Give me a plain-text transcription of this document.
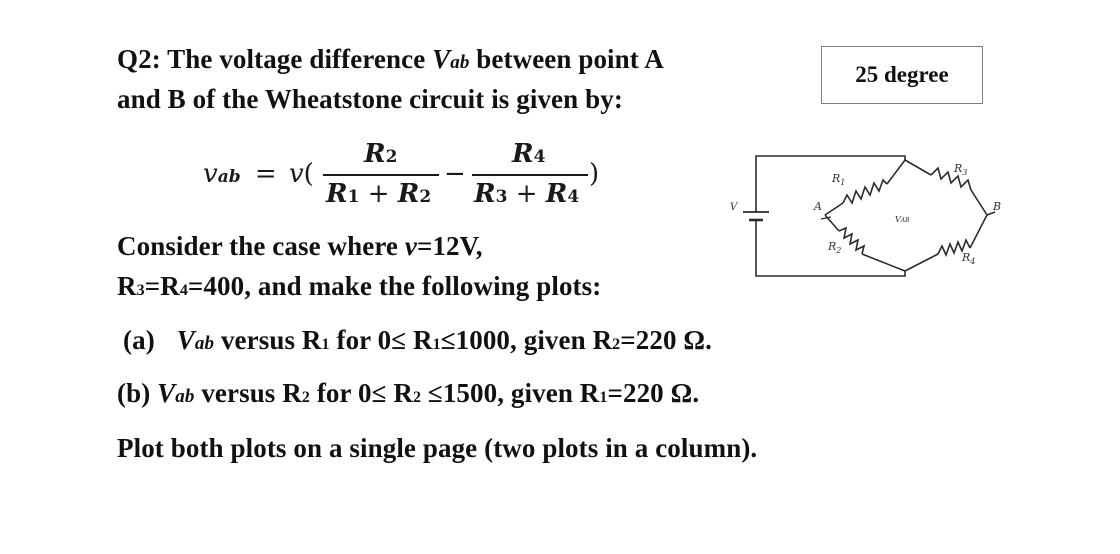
Q2: The voltage difference Vab between point A
and B of the Wheatstone circuit is given by:
25 degree
vab = v(
R2
R1 + R2
−
R4
R3 + R4
)
Consider the case where v=12V,
R3=R4=400, and make the following plots:
(a) Vab versus R1 for 0≤ R1≤1000, given R2=220 Ω.
(b) Vab versus R2 for 0≤ R2 ≤1500, given R1=220 Ω.
Plot both plots on a single page (two plots in a column).
V	A	B
$R_1$
$R_3$
$R_2$
$R_4$
VAB
